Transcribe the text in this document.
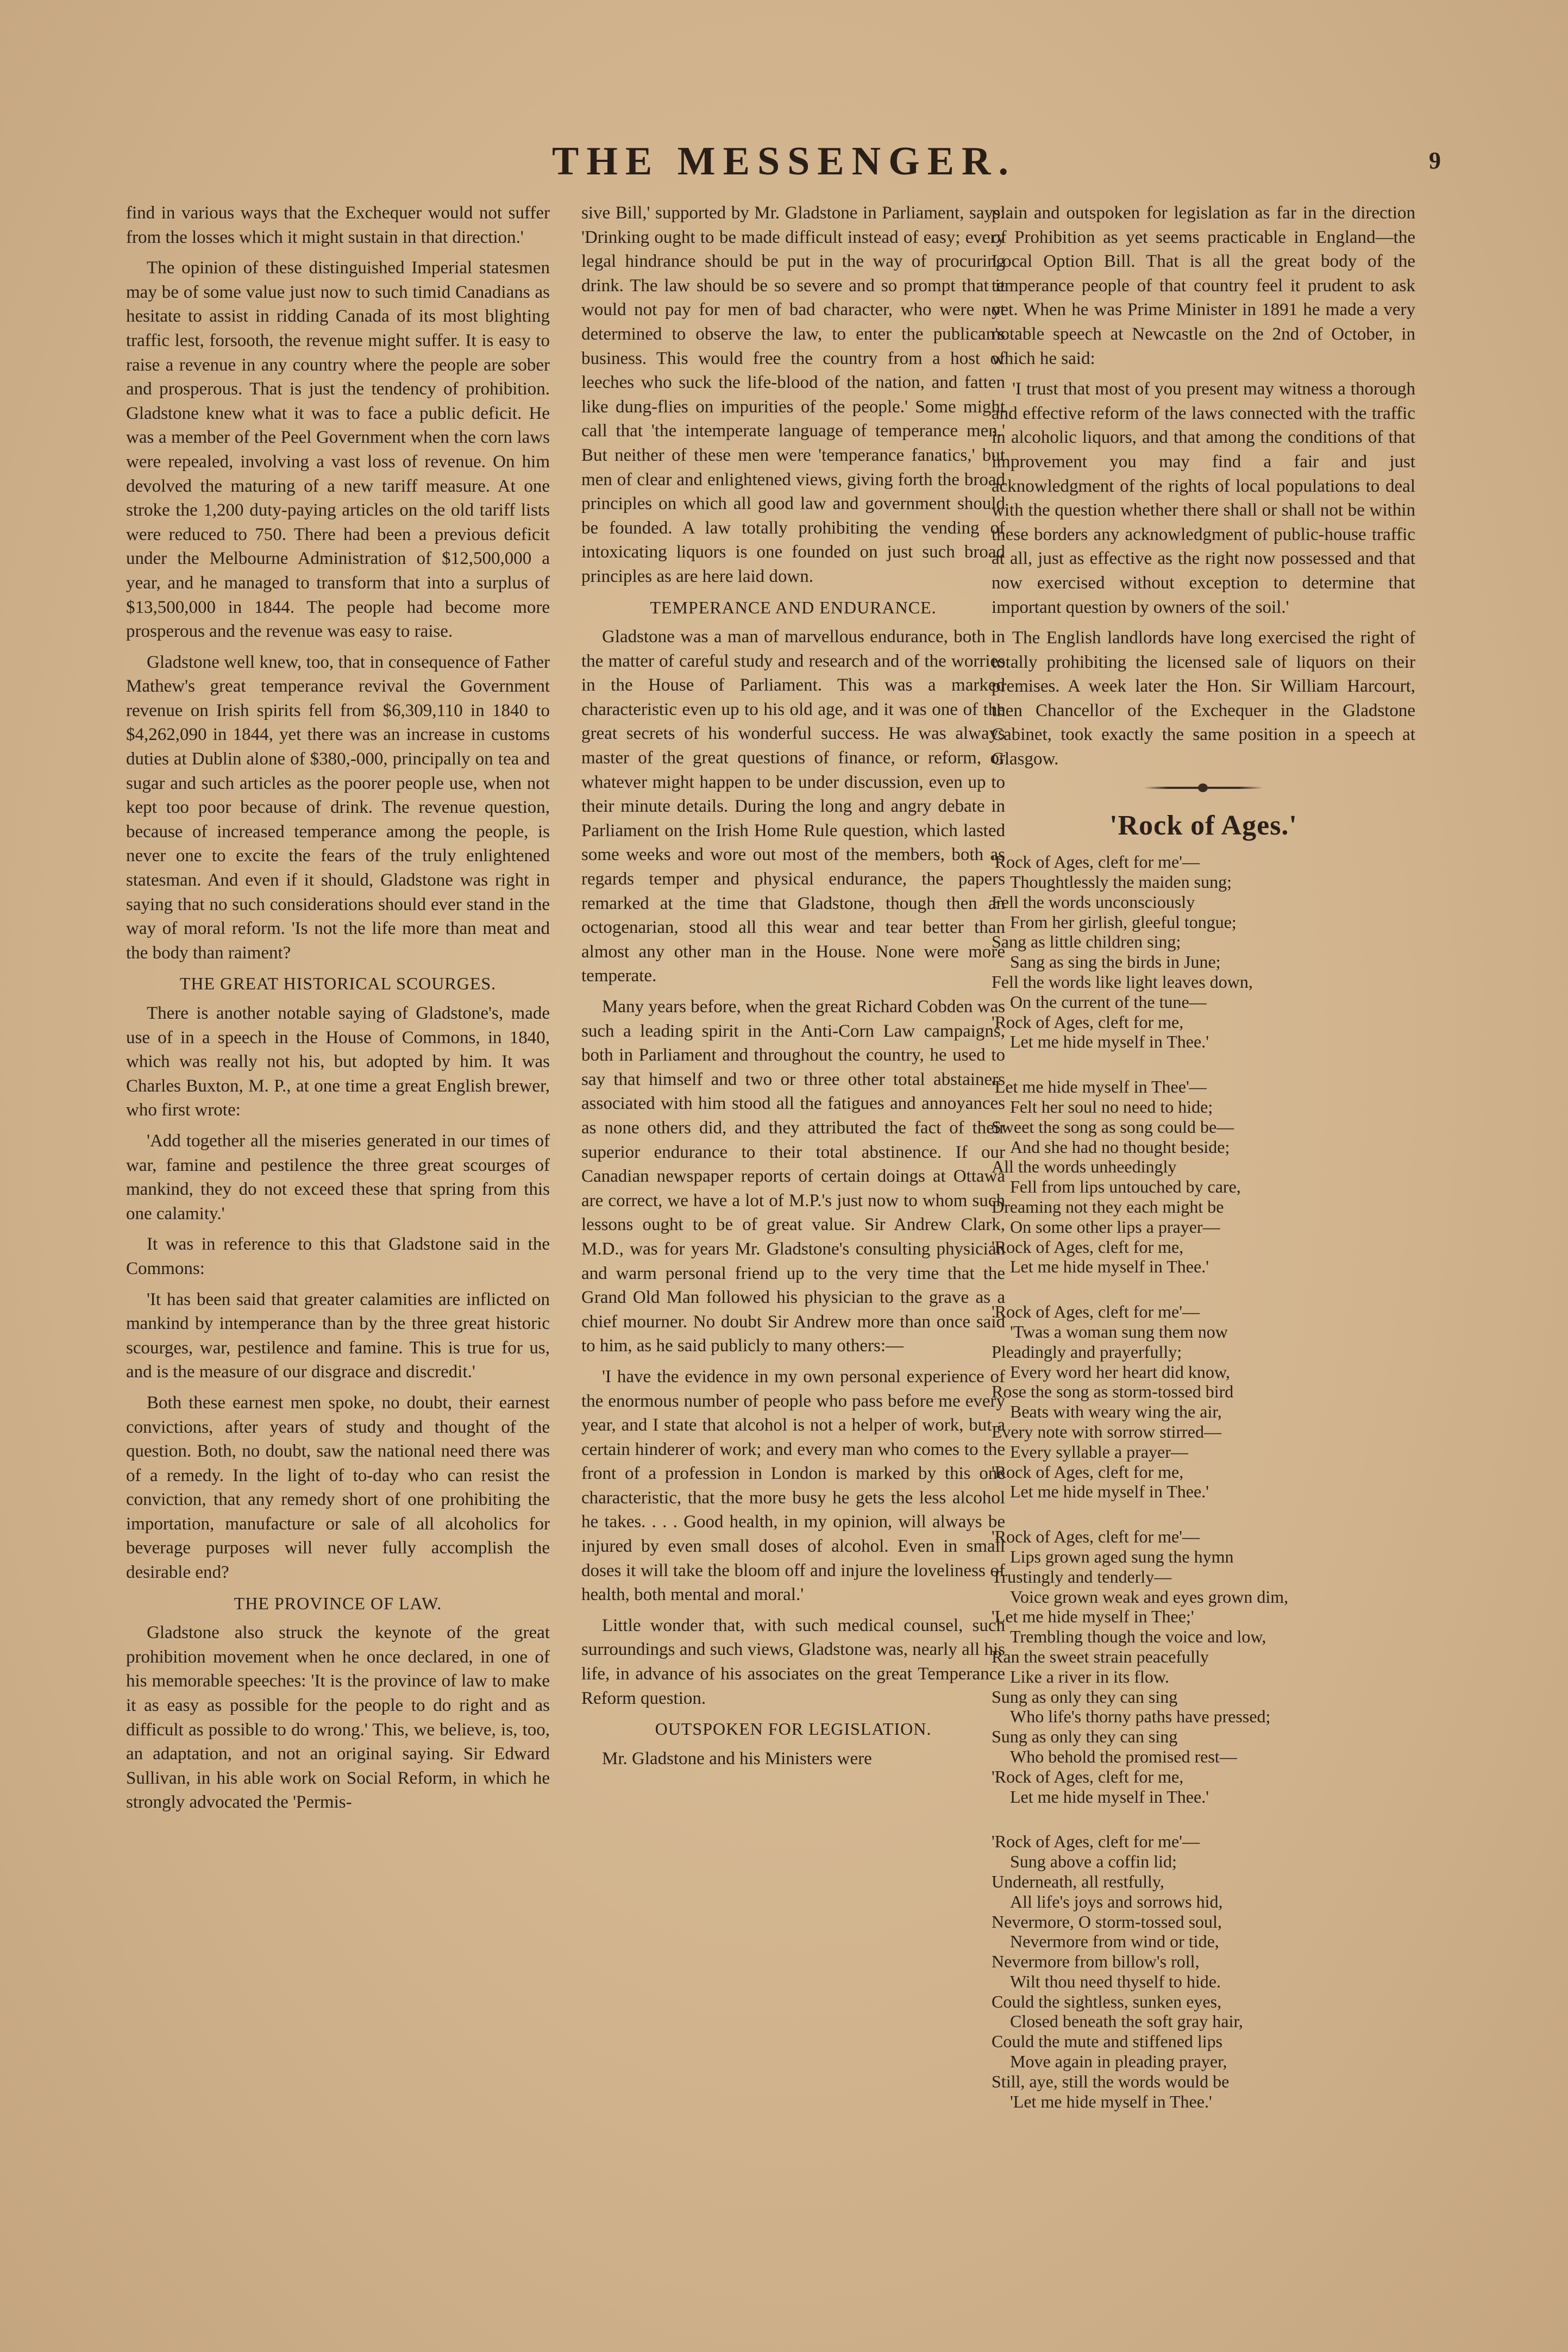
THE MESSENGER.	9

find in various ways that the Exchequer would not suffer from the losses which it might sustain in that direction.'

The opinion of these distinguished Imperial statesmen may be of some value just now to such timid Canadians as hesitate to assist in ridding Canada of its most blighting traffic lest, forsooth, the revenue might suffer. It is easy to raise a revenue in any country where the people are sober and prosperous. That is just the tendency of prohibition. Gladstone knew what it was to face a public deficit. He was a member of the Peel Government when the corn laws were repealed, involving a vast loss of revenue. On him devolved the maturing of a new tariff measure. At one stroke the 1,200 duty-paying articles on the old tariff lists were reduced to 750. There had been a previous deficit under the Melbourne Administration of $12,500,000 a year, and he managed to transform that into a surplus of $13,500,000 in 1844. The people had become more prosperous and the revenue was easy to raise.

Gladstone well knew, too, that in consequence of Father Mathew's great temperance revival the Government revenue on Irish spirits fell from $6,309,110 in 1840 to $4,262,090 in 1844, yet there was an increase in customs duties at Dublin alone of $380,-000, principally on tea and sugar and such articles as the poorer people use, when not kept too poor because of drink. The revenue question, because of increased temperance among the people, is never one to excite the fears of the truly enlightened statesman. And even if it should, Gladstone was right in saying that no such considerations should ever stand in the way of moral reform. 'Is not the life more than meat and the body than raiment?

THE GREAT HISTORICAL SCOURGES.

There is another notable saying of Gladstone's, made use of in a speech in the House of Commons, in 1840, which was really not his, but adopted by him. It was Charles Buxton, M. P., at one time a great English brewer, who first wrote:

'Add together all the miseries generated in our times of war, famine and pestilence the three great scourges of mankind, they do not exceed these that spring from this one calamity.'

It was in reference to this that Gladstone said in the Commons:

'It has been said that greater calamities are inflicted on mankind by intemperance than by the three great historic scourges, war, pestilence and famine. This is true for us, and is the measure of our disgrace and discredit.'

Both these earnest men spoke, no doubt, their earnest convictions, after years of study and thought of the question. Both, no doubt, saw the national need there was of a remedy. In the light of to-day who can resist the conviction, that any remedy short of one prohibiting the importation, manufacture or sale of all alcoholics for beverage purposes will never fully accomplish the desirable end?

THE PROVINCE OF LAW.

Gladstone also struck the keynote of the great prohibition movement when he once declared, in one of his memorable speeches: 'It is the province of law to make it as easy as possible for the people to do right and as difficult as possible to do wrong.' This, we believe, is, too, an adaptation, and not an original saying. Sir Edward Sullivan, in his able work on Social Reform, in which he strongly advocated the 'Permis-

sive Bill,' supported by Mr. Gladstone in Parliament, says: 'Drinking ought to be made difficult instead of easy; every legal hindrance should be put in the way of procuring drink. The law should be so severe and so prompt that it would not pay for men of bad character, who were not determined to observe the law, to enter the publican's business. This would free the country from a host of leeches who suck the life-blood of the nation, and fatten like dung-flies on impurities of the people.' Some might call that 'the intemperate language of temperance men.' But neither of these men were 'temperance fanatics,' but men of clear and enlightened views, giving forth the broad principles on which all good law and government should be founded. A law totally prohibiting the vending of intoxicating liquors is one founded on just such broad principles as are here laid down.

TEMPERANCE AND ENDURANCE.

Gladstone was a man of marvellous endurance, both in the matter of careful study and research and of the worries in the House of Parliament. This was a marked characteristic even up to his old age, and it was one of the great secrets of his wonderful success. He was always master of the great questions of finance, or reform, or whatever might happen to be under discussion, even up to their minute details. During the long and angry debate in Parliament on the Irish Home Rule question, which lasted some weeks and wore out most of the members, both as regards temper and physical endurance, the papers remarked at the time that Gladstone, though then an octogenarian, stood all this wear and tear better than almost any other man in the House. None were more temperate.

Many years before, when the great Richard Cobden was such a leading spirit in the Anti-Corn Law campaigns, both in Parliament and throughout the country, he used to say that himself and two or three other total abstainers associated with him stood all the fatigues and annoyances as none others did, and they attributed the fact of their superior endurance to their total abstinence. If our Canadian newspaper reports of certain doings at Ottawa are correct, we have a lot of M.P.'s just now to whom such lessons ought to be of great value. Sir Andrew Clark, M.D., was for years Mr. Gladstone's consulting physician and warm personal friend up to the very time that the Grand Old Man followed his physician to the grave as a chief mourner. No doubt Sir Andrew more than once said to him, as he said publicly to many others:—

'I have the evidence in my own personal experience of the enormous number of people who pass before me every year, and I state that alcohol is not a helper of work, but a certain hinderer of work; and every man who comes to the front of a profession in London is marked by this one characteristic, that the more busy he gets the less alcohol he takes. . . . Good health, in my opinion, will always be injured by even small doses of alcohol. Even in small doses it will take the bloom off and injure the loveliness of health, both mental and moral.'

Little wonder that, with such medical counsel, such surroundings and such views, Gladstone was, nearly all his life, in advance of his associates on the great Temperance Reform question.

OUTSPOKEN FOR LEGISLATION.

Mr. Gladstone and his Ministers were

plain and outspoken for legislation as far in the direction of Prohibition as yet seems practicable in England—the Local Option Bill. That is all the great body of the temperance people of that country feel it prudent to ask yet. When he was Prime Minister in 1891 he made a very notable speech at Newcastle on the 2nd of October, in which he said:

'I trust that most of you present may witness a thorough and effective reform of the laws connected with the traffic in alcoholic liquors, and that among the conditions of that improvement you may find a fair and just acknowledgment of the rights of local populations to deal with the question whether there shall or shall not be within these borders any acknowledgment of public-house traffic at all, just as effective as the right now possessed and that now exercised without exception to determine that important question by owners of the soil.'

The English landlords have long exercised the right of totally prohibiting the licensed sale of liquors on their premises. A week later the Hon. Sir William Harcourt, then Chancellor of the Exchequer in the Gladstone Cabinet, took exactly the same position in a speech at Glasgow.

'Rock of Ages.'
'Rock of Ages, cleft for me'—
Thoughtlessly the maiden sung;
Fell the words unconsciously
From her girlish, gleeful tongue;
Sang as little children sing;
Sang as sing the birds in June;
Fell the words like light leaves down,
On the current of the tune—
'Rock of Ages, cleft for me,
Let me hide myself in Thee.'
'Let me hide myself in Thee'—
Felt her soul no need to hide;
Sweet the song as song could be—
And she had no thought beside;
All the words unheedingly
Fell from lips untouched by care,
Dreaming not they each might be
On some other lips a prayer—
'Rock of Ages, cleft for me,
Let me hide myself in Thee.'
'Rock of Ages, cleft for me'—
'Twas a woman sung them now
Pleadingly and prayerfully;
Every word her heart did know,
Rose the song as storm-tossed bird
Beats with weary wing the air,
Every note with sorrow stirred—
Every syllable a prayer—
'Rock of Ages, cleft for me,
Let me hide myself in Thee.'
'Rock of Ages, cleft for me'—
Lips grown aged sung the hymn
Trustingly and tenderly—
Voice grown weak and eyes grown dim,
'Let me hide myself in Thee;'
Trembling though the voice and low,
Ran the sweet strain peacefully
Like a river in its flow.
Sung as only they can sing
Who life's thorny paths have pressed;
Sung as only they can sing
Who behold the promised rest—
'Rock of Ages, cleft for me,
Let me hide myself in Thee.'
'Rock of Ages, cleft for me'—
Sung above a coffin lid;
Underneath, all restfully,
All life's joys and sorrows hid,
Nevermore, O storm-tossed soul,
Nevermore from wind or tide,
Nevermore from billow's roll,
Wilt thou need thyself to hide.
Could the sightless, sunken eyes,
Closed beneath the soft gray hair,
Could the mute and stiffened lips
Move again in pleading prayer,
Still, aye, still the words would be
'Let me hide myself in Thee.'
